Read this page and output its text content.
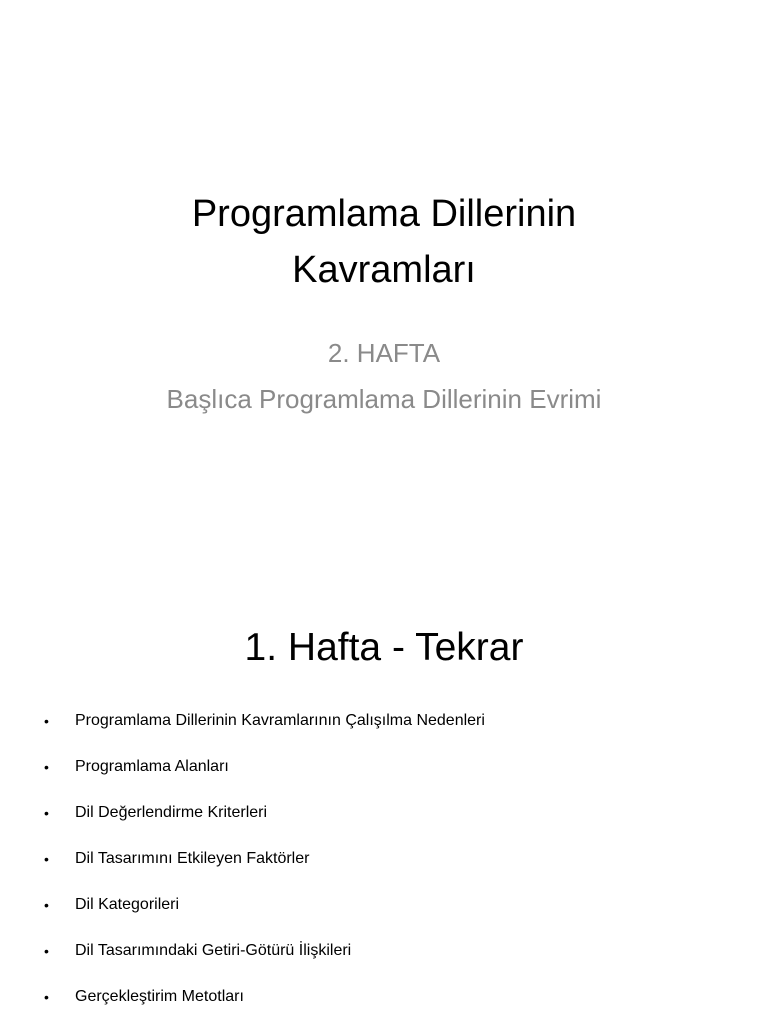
Programlama Dillerinin
Kavramları
2. HAFTA
Başlıca Programlama Dillerinin Evrimi
1. Hafta - Tekrar
•	Programlama Dillerinin Kavramlarının Çalışılma Nedenleri
•	Programlama Alanları
•	Dil Değerlendirme Kriterleri
•	Dil Tasarımını Etkileyen Faktörler
•	Dil Kategorileri
•	Dil Tasarımındaki Getiri-Götürü İlişkileri
•	Gerçekleştirim Metotları
